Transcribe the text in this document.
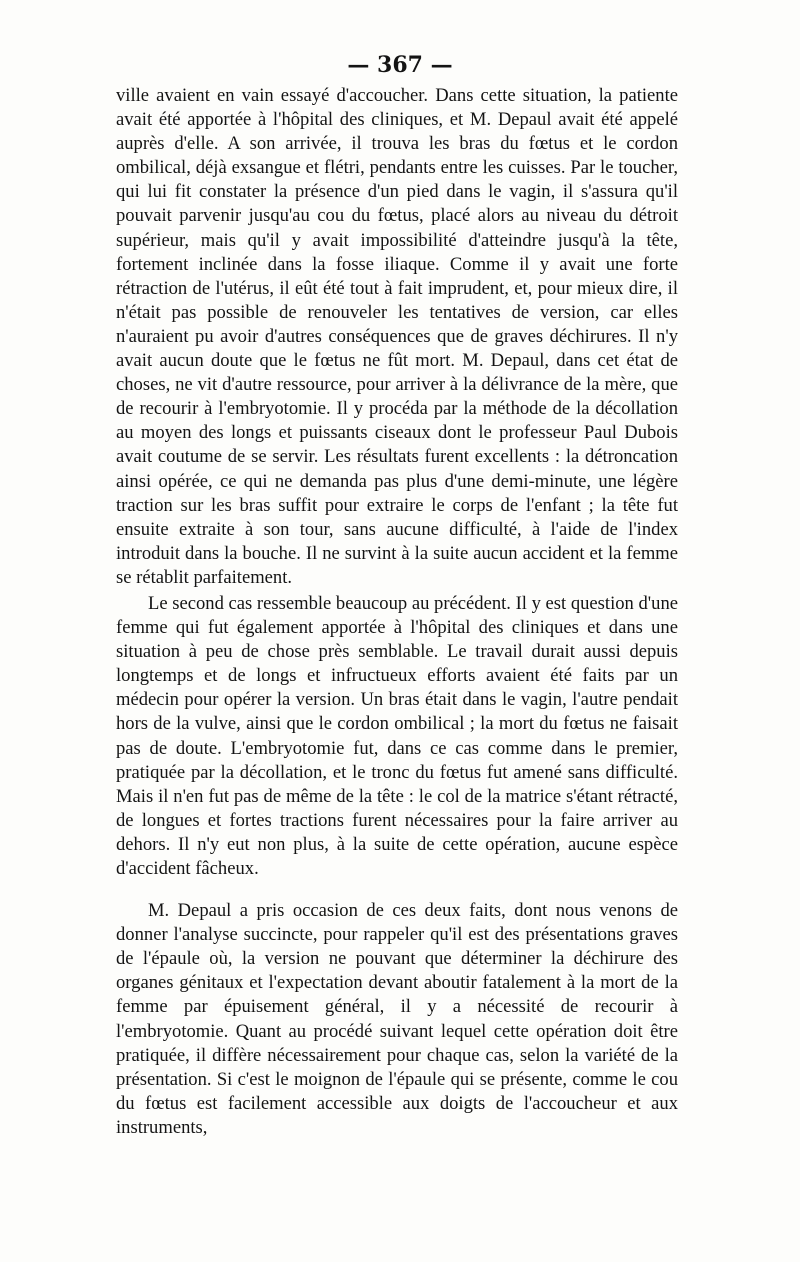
— 367 —

ville avaient en vain essayé d'accoucher. Dans cette situation, la patiente avait été apportée à l'hôpital des cliniques, et M. Depaul avait été appelé auprès d'elle. A son arrivée, il trouva les bras du fœtus et le cordon ombilical, déjà exsangue et flétri, pendants entre les cuisses. Par le toucher, qui lui fit constater la présence d'un pied dans le vagin, il s'assura qu'il pouvait parvenir jusqu'au cou du fœtus, placé alors au niveau du détroit supérieur, mais qu'il y avait impossibilité d'atteindre jusqu'à la tête, fortement inclinée dans la fosse iliaque. Comme il y avait une forte rétraction de l'utérus, il eût été tout à fait imprudent, et, pour mieux dire, il n'était pas possible de renouveler les tentatives de version, car elles n'auraient pu avoir d'autres conséquences que de graves déchirures. Il n'y avait aucun doute que le fœtus ne fût mort. M. Depaul, dans cet état de choses, ne vit d'autre ressource, pour arriver à la délivrance de la mère, que de recourir à l'embryotomie. Il y procéda par la méthode de la décollation au moyen des longs et puissants ciseaux dont le professeur Paul Dubois avait coutume de se servir. Les résultats furent excellents : la détroncation ainsi opérée, ce qui ne demanda pas plus d'une demi-minute, une légère traction sur les bras suffit pour extraire le corps de l'enfant ; la tête fut ensuite extraite à son tour, sans aucune difficulté, à l'aide de l'index introduit dans la bouche. Il ne survint à la suite aucun accident et la femme se rétablit parfaitement.

Le second cas ressemble beaucoup au précédent. Il y est question d'une femme qui fut également apportée à l'hôpital des cliniques et dans une situation à peu de chose près semblable. Le travail durait aussi depuis longtemps et de longs et infructueux efforts avaient été faits par un médecin pour opérer la version. Un bras était dans le vagin, l'autre pendait hors de la vulve, ainsi que le cordon ombilical ; la mort du fœtus ne faisait pas de doute. L'embryotomie fut, dans ce cas comme dans le premier, pratiquée par la décollation, et le tronc du fœtus fut amené sans difficulté. Mais il n'en fut pas de même de la tête : le col de la matrice s'étant rétracté, de longues et fortes tractions furent nécessaires pour la faire arriver au dehors. Il n'y eut non plus, à la suite de cette opération, aucune espèce d'accident fâcheux.

M. Depaul a pris occasion de ces deux faits, dont nous venons de donner l'analyse succincte, pour rappeler qu'il est des présentations graves de l'épaule où, la version ne pouvant que déterminer la déchirure des organes génitaux et l'expectation devant aboutir fatalement à la mort de la femme par épuisement général, il y a nécessité de recourir à l'embryotomie. Quant au procédé suivant lequel cette opération doit être pratiquée, il diffère nécessairement pour chaque cas, selon la variété de la présentation. Si c'est le moignon de l'épaule qui se présente, comme le cou du fœtus est facilement accessible aux doigts de l'accoucheur et aux instruments,
